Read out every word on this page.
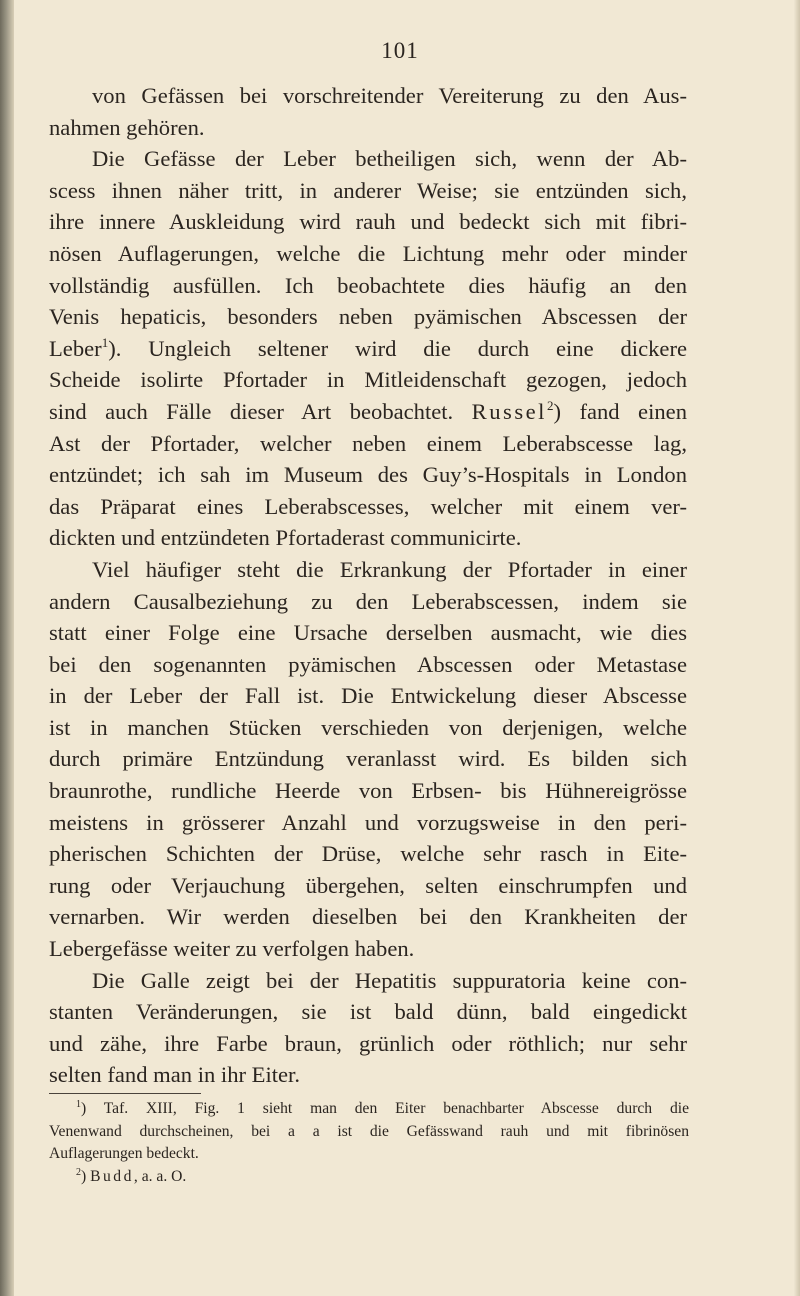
101
von Gefässen bei vorschreitender Vereiterung zu den Aus-
nahmen gehören.
Die Gefässe der Leber betheiligen sich, wenn der Ab-
scess ihnen näher tritt, in anderer Weise; sie entzünden sich,
ihre innere Auskleidung wird rauh und bedeckt sich mit fibri-
nösen Auflagerungen, welche die Lichtung mehr oder minder
vollständig ausfüllen. Ich beobachtete dies häufig an den
Venis hepaticis, besonders neben pyämischen Abscessen der
Leber$^1$). Ungleich seltener wird die durch eine dickere
Scheide isolirte Pfortader in Mitleidenschaft gezogen, jedoch
sind auch Fälle dieser Art beobachtet. Russel$^2$) fand einen
Ast der Pfortader, welcher neben einem Leberabscesse lag,
entzündet; ich sah im Museum des Guy’s-Hospitals in London
das Präparat eines Leberabscesses, welcher mit einem ver-
dickten und entzündeten Pfortaderast communicirte.
Viel häufiger steht die Erkrankung der Pfortader in einer
andern Causalbeziehung zu den Leberabscessen, indem sie
statt einer Folge eine Ursache derselben ausmacht, wie dies
bei den sogenannten pyämischen Abscessen oder Metastase
in der Leber der Fall ist. Die Entwickelung dieser Abscesse
ist in manchen Stücken verschieden von derjenigen, welche
durch primäre Entzündung veranlasst wird. Es bilden sich
braunrothe, rundliche Heerde von Erbsen- bis Hühnereigrösse
meistens in grösserer Anzahl und vorzugsweise in den peri-
pherischen Schichten der Drüse, welche sehr rasch in Eite-
rung oder Verjauchung übergehen, selten einschrumpfen und
vernarben. Wir werden dieselben bei den Krankheiten der
Lebergefässe weiter zu verfolgen haben.
Die Galle zeigt bei der Hepatitis suppuratoria keine con-
stanten Veränderungen, sie ist bald dünn, bald eingedickt
und zähe, ihre Farbe braun, grünlich oder röthlich; nur sehr
selten fand man in ihr Eiter.
$^1$) Taf. XIII, Fig. 1 sieht man den Eiter benachbarter Abscesse durch die
Venenwand durchscheinen, bei a a ist die Gefässwand rauh und mit fibrinösen
Auflagerungen bedeckt.
$^2$) Budd, a. a. O.
